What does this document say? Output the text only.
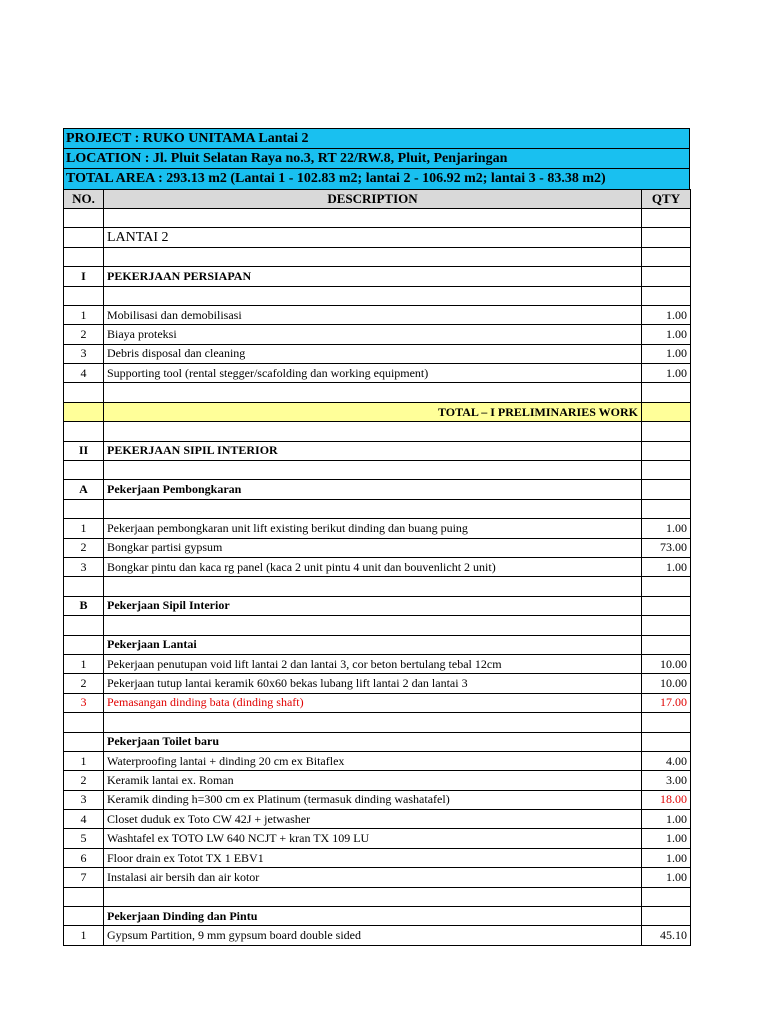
PROJECT : RUKO UNITAMA Lantai 2
LOCATION : Jl. Pluit Selatan Raya no.3, RT 22/RW.8, Pluit, Penjaringan
TOTAL AREA : 293.13 m2 (Lantai 1 - 102.83 m2; lantai 2 - 106.92 m2; lantai 3 - 83.38 m2)
NO.	DESCRIPTION	QTY

	LANTAI 2	

I	PEKERJAAN PERSIAPAN	

1	Mobilisasi dan demobilisasi	1.00
2	Biaya proteksi	1.00
3	Debris disposal dan cleaning	1.00
4	Supporting tool (rental stegger/scafolding dan working equipment)	1.00

	TOTAL – I PRELIMINARIES WORK	

II	PEKERJAAN SIPIL INTERIOR	

A	Pekerjaan Pembongkaran	

1	Pekerjaan pembongkaran unit lift existing berikut dinding dan buang puing	1.00
2	Bongkar partisi gypsum	73.00
3	Bongkar pintu dan kaca rg panel (kaca 2 unit pintu 4 unit dan bouvenlicht 2 unit)	1.00

B	Pekerjaan Sipil Interior	

	Pekerjaan Lantai	
1	Pekerjaan penutupan void lift lantai 2 dan lantai 3, cor beton bertulang tebal 12cm	10.00
2	Pekerjaan tutup lantai keramik 60x60 bekas lubang lift lantai 2 dan lantai 3	10.00
3	Pemasangan dinding bata (dinding shaft)	17.00

	Pekerjaan Toilet baru	
1	Waterproofing lantai + dinding 20 cm ex Bitaflex	4.00
2	Keramik lantai ex. Roman	3.00
3	Keramik dinding h=300 cm ex Platinum (termasuk dinding washatafel)	18.00
4	Closet duduk ex Toto CW 42J + jetwasher	1.00
5	Washtafel ex TOTO LW 640 NCJT + kran TX 109 LU	1.00
6	Floor drain ex Totot TX 1 EBV1	1.00
7	Instalasi air bersih dan air kotor	1.00

	Pekerjaan Dinding dan Pintu	
1	Gypsum Partition, 9 mm gypsum board double sided	45.10
